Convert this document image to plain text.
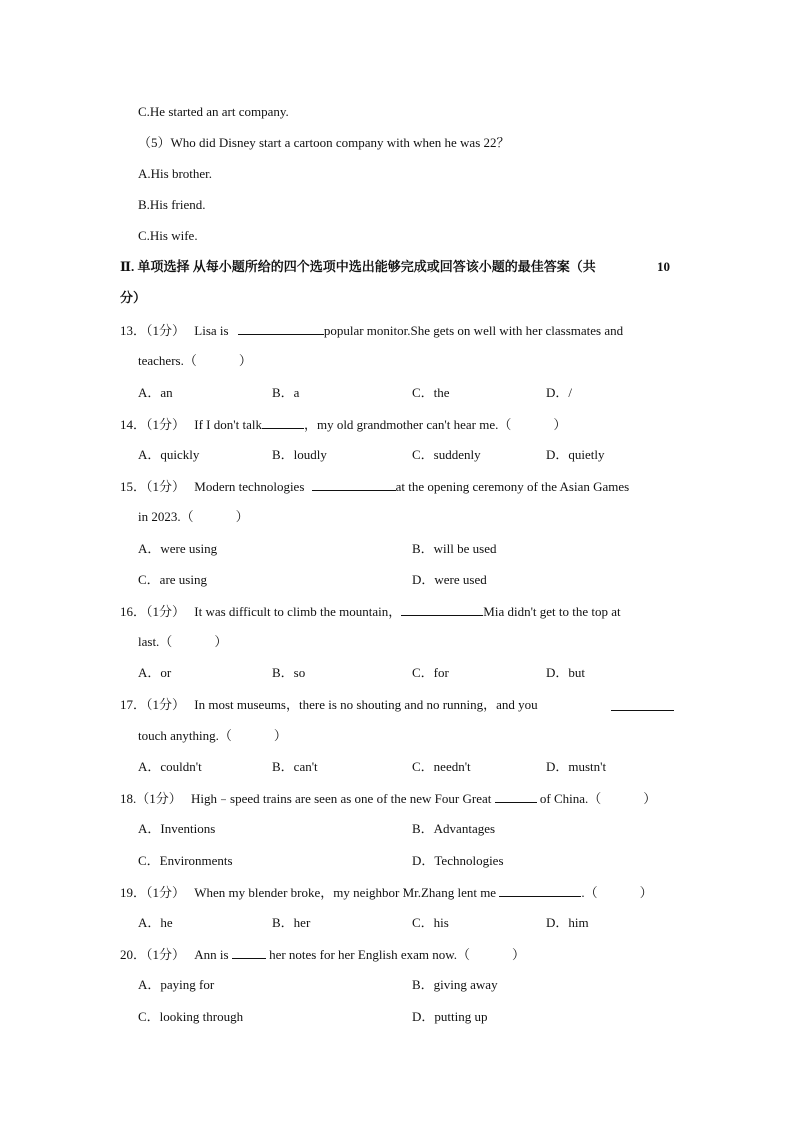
C.He started an art company.
（5）Who did Disney start a cartoon company with when he was 22？
A.His brother.
B.His friend.
C.His wife.
Ⅱ. 单项选择 从每小题所给的四个选项中选出能够完成或回答该小题的最佳答案（共	10
分）
13．（1分） Lisa is	popular monitor.She gets on well with her classmates and
teachers.（	）
A．an	B．a	C．the	D．/
14．（1分） If I don't talk	，my old grandmother can't hear me.（	）
A．quickly	B．loudly	C．suddenly	D．quietly
15．（1分） Modern technologies	at the opening ceremony of the Asian Games
in 2023.（	）
A．were using	B．will be used
C．are using	D．were used
16．（1分） It was difficult to climb the mountain，	Mia didn't get to the top at
last.（	）
A．or	B．so	C．for	D．but
17．（1分） In most museums，there is no shouting and no running，and you
touch anything.（	）
A．couldn't	B．can't	C．needn't	D．mustn't
18.（1分） High﹣speed trains are seen as one of the new Four Great	of China.（	）
A．Inventions	B．Advantages
C．Environments	D．Technologies
19．（1分） When my blender broke，my neighbor Mr.Zhang lent me	.（	）
A．he	B．her	C．his	D．him
20．（1分） Ann is	her notes for her English exam now.（	）
A．paying for	B．giving away
C．looking through	D．putting up
